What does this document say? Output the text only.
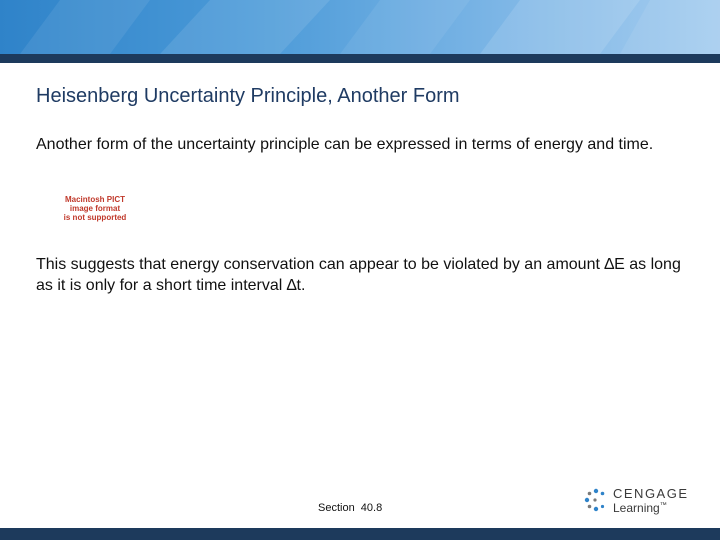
Heisenberg Uncertainty Principle, Another Form
Another form of the uncertainty principle can be expressed in terms of energy and time.
Macintosh PICT
image format
is not supported
This suggests that energy conservation can appear to be violated by an amount ∆E as long as it is only for a short time interval ∆t.
Section  40.8
CENGAGE
Learning™
